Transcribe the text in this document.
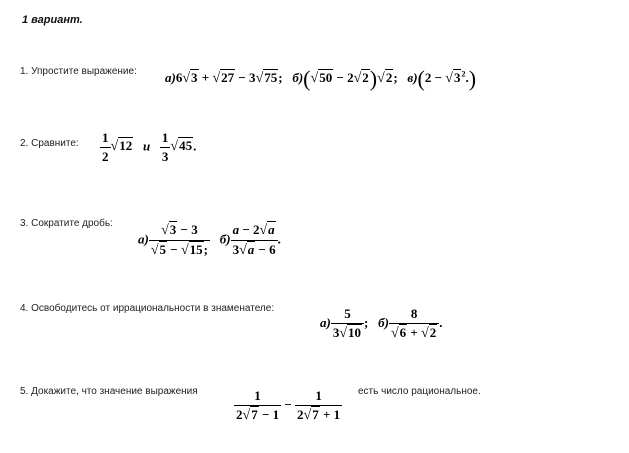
1 вариант.
1. Упростите выражение: а)6√3 + √27 − 3√75;   б)(√50 − 2√2)√2;   $в)(2 - √3^2.)$
2. Сравните: $\frac{1}{2} √12$ и $\frac{1}{3} √45$.
3. Сократите дробь:
$а) \frac{√3 - 3}{√5 - √15;} б) \frac{a - 2√a}{3√a - 6}$ .
4. Освободитесь от иррациональности в знаменателе:
$а) \frac{5}{3√10}$ ;   $б) \frac{8}{√6 + √2}$ .
5. Докажите, что значение выражения	$\frac{1}{2√7 - 1} - \frac{1}{2√7 + 1}$ есть число рациональное.
